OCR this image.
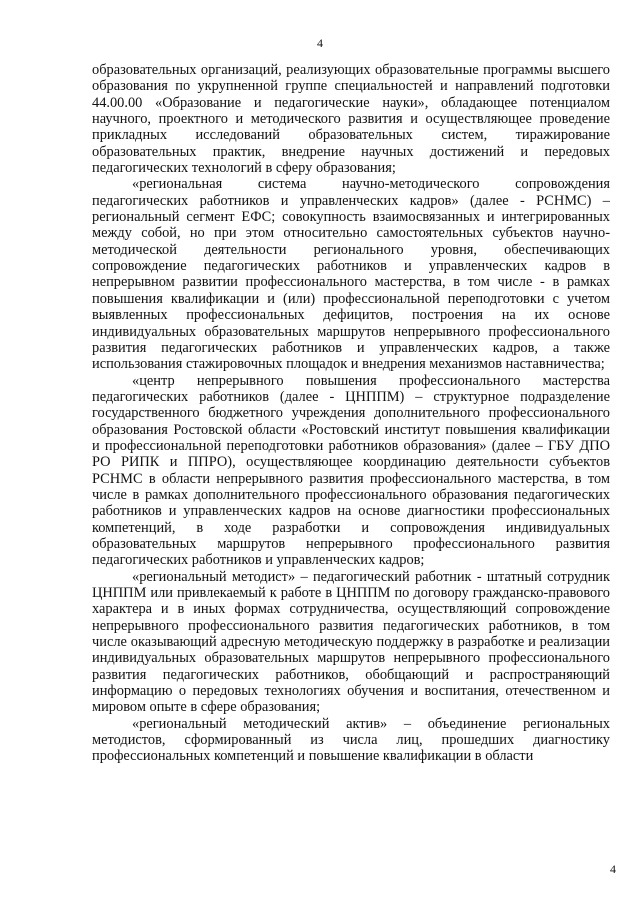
4

образовательных организаций, реализующих образовательные программы высшего образования по укрупненной группе специальностей и направлений подготовки 44.00.00 «Образование и педагогические науки», обладающее потенциалом научного, проектного и методического развития и осуществляющее проведение прикладных исследований образовательных систем, тиражирование образовательных практик, внедрение научных достижений и передовых педагогических технологий в сферу образования;

«региональная система научно-методического сопровождения педагогических работников и управленческих кадров» (далее - РСНМС) – региональный сегмент ЕФС; совокупность взаимосвязанных и интегрированных между собой, но при этом относительно самостоятельных субъектов научно-методической деятельности регионального уровня, обеспечивающих сопровождение педагогических работников и управленческих кадров в непрерывном развитии профессионального мастерства, в том числе - в рамках повышения квалификации и (или) профессиональной переподготовки с учетом выявленных профессиональных дефицитов, построения на их основе индивидуальных образовательных маршрутов непрерывного профессионального развития педагогических работников и управленческих кадров, а также использования стажировочных площадок и внедрения механизмов наставничества;

«центр непрерывного повышения профессионального мастерства педагогических работников (далее - ЦНППМ) – структурное подразделение государственного бюджетного учреждения дополнительного профессионального образования Ростовской области «Ростовский институт повышения квалификации и профессиональной переподготовки работников образования» (далее – ГБУ ДПО РО РИПК и ППРО), осуществляющее координацию деятельности субъектов РСНМС в области непрерывного развития профессионального мастерства, в том числе в рамках дополнительного профессионального образования педагогических работников и управленческих кадров на основе диагностики профессиональных компетенций, в ходе разработки и сопровождения индивидуальных образовательных маршрутов непрерывного профессионального развития педагогических работников и управленческих кадров;

«региональный методист» – педагогический работник - штатный сотрудник ЦНППМ или привлекаемый к работе в ЦНППМ по договору гражданско-правового характера и в иных формах сотрудничества, осуществляющий сопровождение непрерывного профессионального развития педагогических работников, в том числе оказывающий адресную методическую поддержку в разработке и реализации индивидуальных образовательных маршрутов непрерывного профессионального развития педагогических работников, обобщающий и распространяющий информацию о передовых технологиях обучения и воспитания, отечественном и мировом опыте в сфере образования;

«региональный методический актив» – объединение региональных методистов, сформированный из числа лиц, прошедших диагностику профессиональных компетенций и повышение квалификации в области

4
